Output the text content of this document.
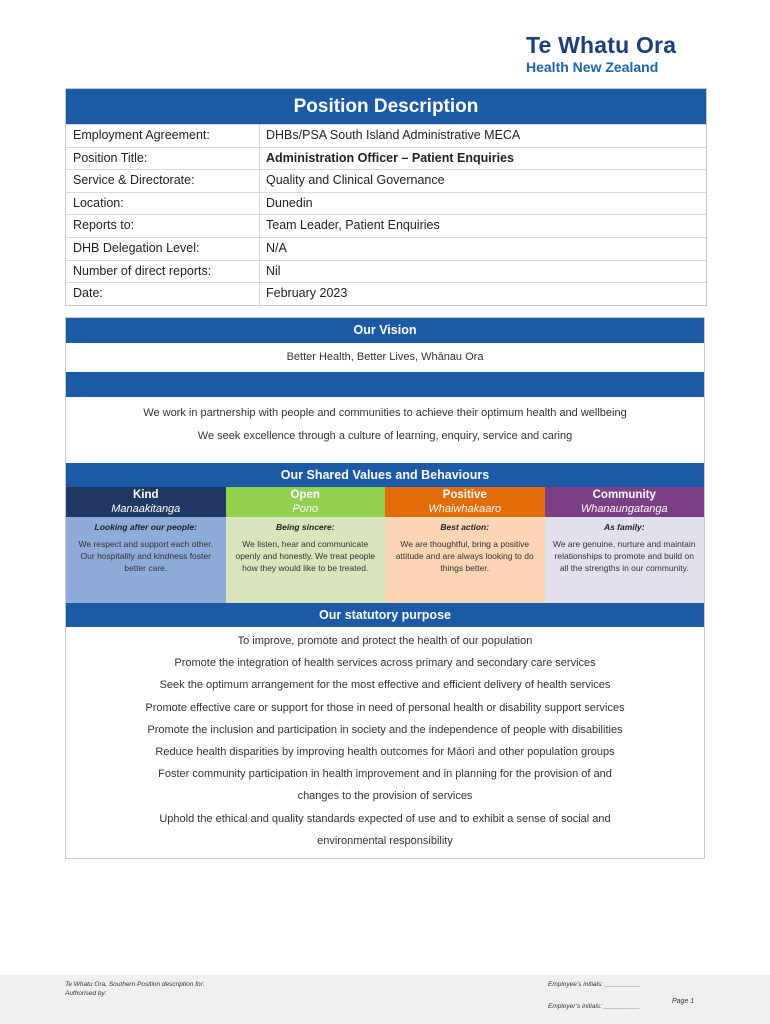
Te Whatu Ora
Health New Zealand
Position Description
Employment Agreement:	DHBs/PSA South Island Administrative MECA
Position Title:	Administration Officer – Patient Enquiries
Service & Directorate:	Quality and Clinical Governance
Location:	Dunedin
Reports to:	Team Leader, Patient Enquiries
DHB Delegation Level:	N/A
Number of direct reports:	Nil
Date:	February 2023
Our Vision
Better Health, Better Lives, Whānau Ora
We work in partnership with people and communities to achieve their optimum health and wellbeing
We seek excellence through a culture of learning, enquiry, service and caring
Our Shared Values and Behaviours
Kind
Manaakitanga
Looking after our people:
We respect and support each other. Our hospitality and kindness foster better care.
Open
Pono
Being sincere:
We listen, hear and communicate openly and honestly. We treat people how they would like to be treated.
Positive
Whaiwhakaaro
Best action:
We are thoughtful, bring a positive attitude and are always looking to do things better.
Community
Whanaungatanga
As family:
We are genuine, nurture and maintain relationships to promote and build on all the strengths in our community.
Our statutory purpose
To improve, promote and protect the health of our population
Promote the integration of health services across primary and secondary care services
Seek the optimum arrangement for the most effective and efficient delivery of health services
Promote effective care or support for those in need of personal health or disability support services
Promote the inclusion and participation in society and the independence of people with disabilities
Reduce health disparities by improving health outcomes for Māori and other population groups
Foster community participation in health improvement and in planning for the provision of and
changes to the provision of services
Uphold the ethical and quality standards expected of use and to exhibit a sense of social and
environmental responsibility
Te Whatu Ora, Southern Position description for:
Authorised by:
Employee’s initials: __________
Employer’s initials: __________
Page 1
